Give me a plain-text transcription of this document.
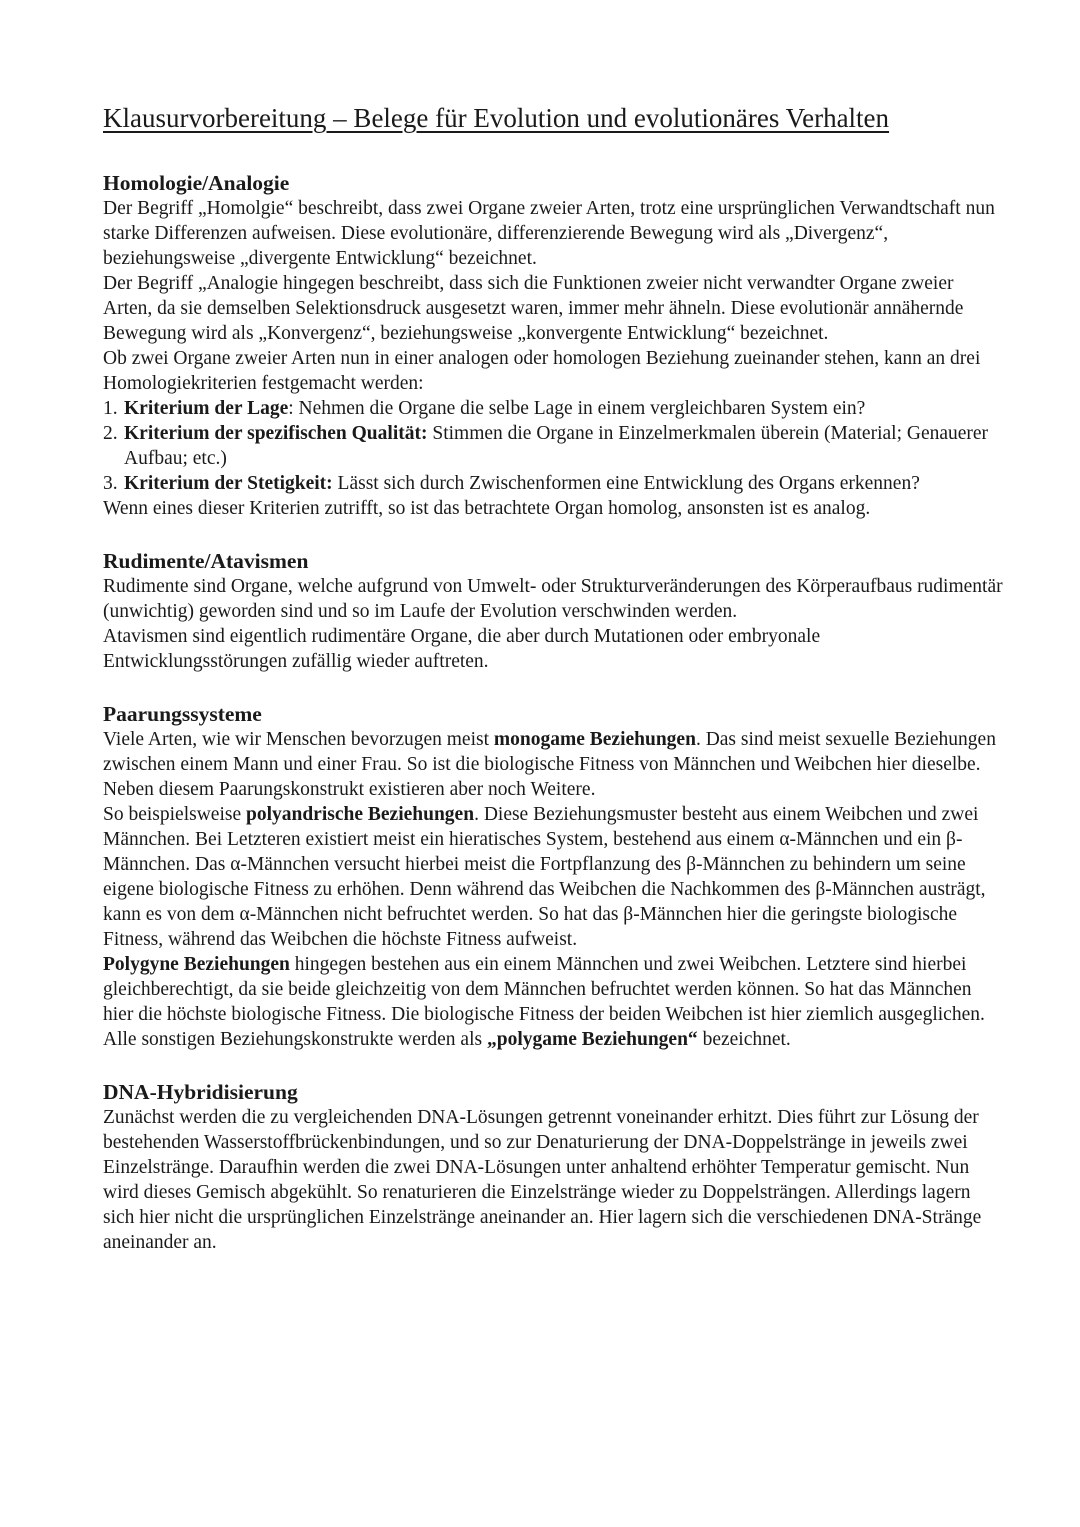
Klausurvorbereitung – Belege für Evolution und evolutionäres Verhalten
Homologie/Analogie

Der Begriff „Homolgie“ beschreibt, dass zwei Organe zweier Arten, trotz eine ursprünglichen Verwandtschaft nun starke Differenzen aufweisen. Diese evolutionäre, differenzierende Bewegung wird als „Divergenz“, beziehungsweise „divergente Entwicklung“ bezeichnet.

Der Begriff „Analogie hingegen beschreibt, dass sich die Funktionen zweier nicht verwandter Organe zweier Arten, da sie demselben Selektionsdruck ausgesetzt waren, immer mehr ähneln. Diese evolutionär annähernde Bewegung wird als „Konvergenz“, beziehungsweise „konvergente Entwicklung“ bezeichnet.

Ob zwei Organe zweier Arten nun in einer analogen oder homologen Beziehung zueinander stehen, kann an drei Homologiekriterien festgemacht werden:

1. Kriterium der Lage: Nehmen die Organe die selbe Lage in einem vergleichbaren System ein?
2. Kriterium der spezifischen Qualität: Stimmen die Organe in Einzelmerkmalen überein (Material; Genauerer Aufbau; etc.)
3. Kriterium der Stetigkeit: Lässt sich durch Zwischenformen eine Entwicklung des Organs erkennen?

Wenn eines dieser Kriterien zutrifft, so ist das betrachtete Organ homolog, ansonsten ist es analog.

Rudimente/Atavismen

Rudimente sind Organe, welche aufgrund von Umwelt- oder Strukturveränderungen des Körperaufbaus rudimentär (unwichtig) geworden sind und so im Laufe der Evolution verschwinden werden.

Atavismen sind eigentlich rudimentäre Organe, die aber durch Mutationen oder embryonale Entwicklungsstörungen zufällig wieder auftreten.

Paarungssysteme

Viele Arten, wie wir Menschen bevorzugen meist monogame Beziehungen. Das sind meist sexuelle Beziehungen zwischen einem Mann und einer Frau. So ist die biologische Fitness von Männchen und Weibchen hier dieselbe. Neben diesem Paarungskonstrukt existieren aber noch Weitere.

So beispielsweise polyandrische Beziehungen. Diese Beziehungsmuster besteht aus einem Weibchen und zwei Männchen. Bei Letzteren existiert meist ein hieratisches System, bestehend aus einem α-Männchen und ein β-Männchen. Das α-Männchen versucht hierbei meist die Fortpflanzung des β-Männchen zu behindern um seine eigene biologische Fitness zu erhöhen. Denn während das Weibchen die Nachkommen des β-Männchen austrägt, kann es von dem α-Männchen nicht befruchtet werden. So hat das β-Männchen hier die geringste biologische Fitness, während das Weibchen die höchste Fitness aufweist.

Polygyne Beziehungen hingegen bestehen aus ein einem Männchen und zwei Weibchen. Letztere sind hierbei gleichberechtigt, da sie beide gleichzeitig von dem Männchen befruchtet werden können. So hat das Männchen hier die höchste biologische Fitness. Die biologische Fitness der beiden Weibchen ist hier ziemlich ausgeglichen.

Alle sonstigen Beziehungskonstrukte werden als „polygame Beziehungen“ bezeichnet.

DNA-Hybridisierung

Zunächst werden die zu vergleichenden DNA-Lösungen getrennt voneinander erhitzt. Dies führt zur Lösung der bestehenden Wasserstoffbrückenbindungen, und so zur Denaturierung der DNA-Doppelstränge in jeweils zwei Einzelstränge. Daraufhin werden die zwei DNA-Lösungen unter anhaltend erhöhter Temperatur gemischt. Nun wird dieses Gemisch abgekühlt. So renaturieren die Einzelstränge wieder zu Doppelsträngen. Allerdings lagern sich hier nicht die ursprünglichen Einzelstränge aneinander an. Hier lagern sich die verschiedenen DNA-Stränge aneinander an.
